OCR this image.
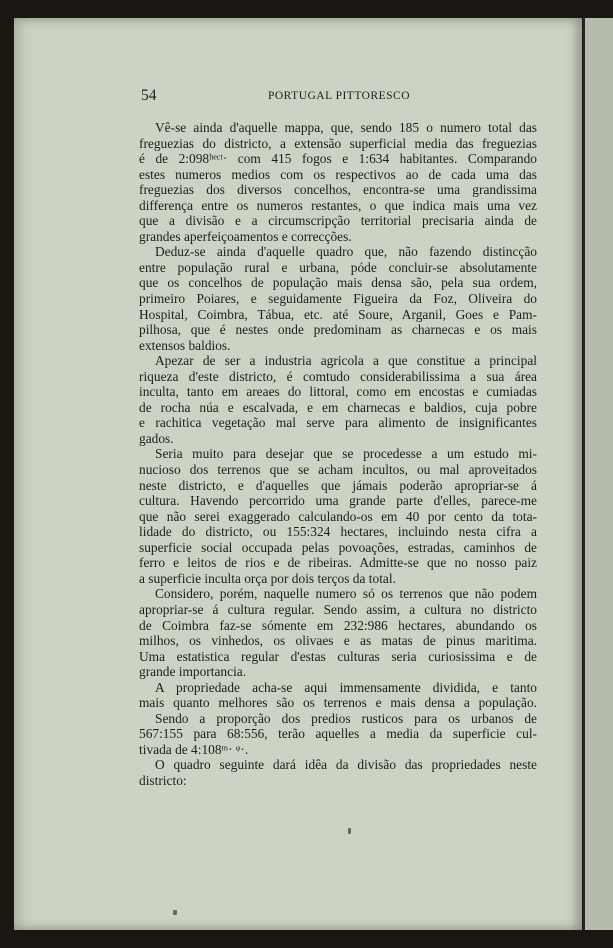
54	PORTUGAL PITTORESCO
Vê-se ainda d'aquelle mappa, que, sendo 185 o numero total das
freguezias do districto, a extensão superficial media das freguezias
é de 2:098ʰᵉᶜᵗ· com 415 fogos e 1:634 habitantes. Comparando
estes numeros medios com os respectivos ao de cada uma das
freguezias dos diversos concelhos, encontra-se uma grandissima
differença entre os numeros restantes, o que indica mais uma vez
que a divisão e a circumscripção territorial precisaria ainda de
grandes aperfeiçoamentos e correcções.
Deduz-se ainda d'aquelle quadro que, não fazendo distincção
entre população rural e urbana, póde concluir-se absolutamente
que os concelhos de população mais densa são, pela sua ordem,
primeiro Poiares, e seguidamente Figueira da Foz, Oliveira do
Hospital, Coimbra, Tábua, etc. até Soure, Arganil, Goes e Pam-
pilhosa, que é nestes onde predominam as charnecas e os mais
extensos baldios.
Apezar de ser a industria agricola a que constitue a principal
riqueza d'este districto, é comtudo considerabilissima a sua área
inculta, tanto em areaes do littoral, como em encostas e cumiadas
de rocha núa e escalvada, e em charnecas e baldios, cuja pobre
e rachitica vegetação mal serve para alimento de insignificantes
gados.
Seria muito para desejar que se procedesse a um estudo mi-
nucioso dos terrenos que se acham incultos, ou mal aproveitados
neste districto, e d'aquelles que jámais poderão apropriar-se á
cultura. Havendo percorrido uma grande parte d'elles, parece-me
que não serei exaggerado calculando-os em 40 por cento da tota-
lidade do districto, ou 155:324 hectares, incluindo nesta cifra a
superficie social occupada pelas povoações, estradas, caminhos de
ferro e leitos de rios e de ribeiras. Admitte-se que no nosso paiz
a superficie inculta orça por dois terços da total.
Considero, porém, naquelle numero só os terrenos que não podem
apropriar-se á cultura regular. Sendo assim, a cultura no districto
de Coimbra faz-se sómente em 232:986 hectares, abundando os
milhos, os vinhedos, os olivaes e as matas de pinus maritima.
Uma estatistica regular d'estas culturas seria curiosissima e de
grande importancia.
A propriedade acha-se aqui immensamente dividida, e tanto
mais quanto melhores são os terrenos e mais densa a população.
Sendo a proporção dos predios rusticos para os urbanos de
567:155 para 68:556, terão aquelles a media da superficie cul-
tivada de 4:108ᵐ· ᵠ·.
O quadro seguinte dará idêa da divisão das propriedades neste
districto:
